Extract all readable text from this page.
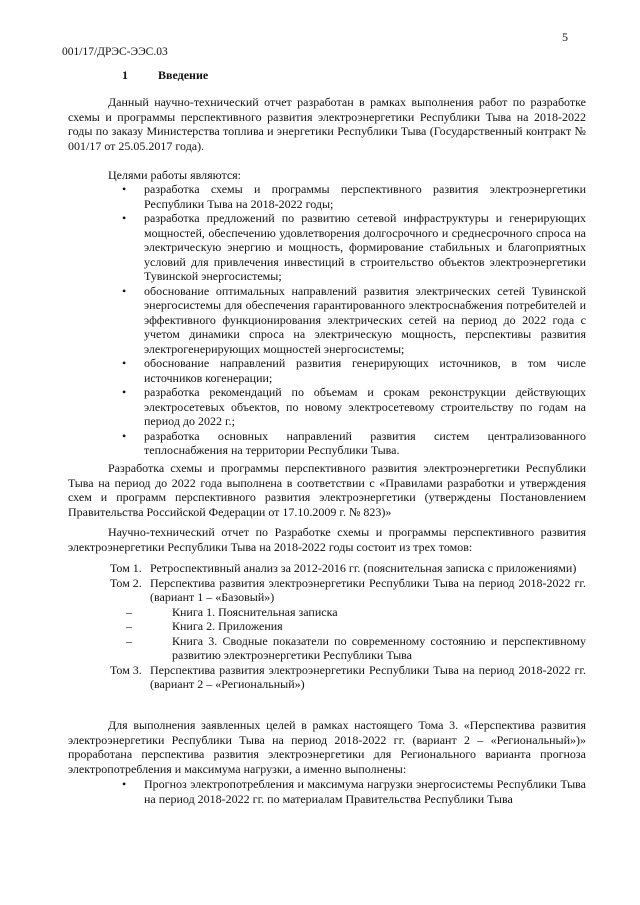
001/17/ДРЭС-ЭЭС.03
5
1	Введение

Данный научно-технический отчет разработан в рамках выполнения работ по разработке схемы и программы перспективного развития электроэнергетики Республики Тыва на 2018-2022 годы по заказу Министерства топлива и энергетики Республики Тыва (Государственный контракт № 001/17 от 25.05.2017 года).

Целями работы являются:
• разработка схемы и программы перспективного развития электроэнергетики Республики Тыва на 2018-2022 годы;
• разработка предложений по развитию сетевой инфраструктуры и генерирующих мощностей, обеспечению удовлетворения долгосрочного и среднесрочного спроса на электрическую энергию и мощность, формирование стабильных и благоприятных условий для привлечения инвестиций в строительство объектов электроэнергетики Тувинской энергосистемы;
• обоснование оптимальных направлений развития электрических сетей Тувинской энергосистемы для обеспечения гарантированного электроснабжения потребителей и эффективного функционирования электрических сетей на период до 2022 года с учетом динамики спроса на электрическую мощность, перспективы развития электрогенерирующих мощностей энергосистемы;
• обоснование направлений развития генерирующих источников, в том числе источников когенерации;
• разработка рекомендаций по объемам и срокам реконструкции действующих электросетевых объектов, по новому электросетевому строительству по годам на период до 2022 г.;
• разработка основных направлений развития систем централизованного теплоснабжения на территории Республики Тыва.

Разработка схемы и программы перспективного развития электроэнергетики Республики Тыва на период до 2022 года выполнена в соответствии с «Правилами разработки и утверждения схем и программ перспективного развития электроэнергетики (утверждены Постановлением Правительства Российской Федерации от 17.10.2009 г. № 823)»

Научно-технический отчет по Разработке схемы и программы перспективного развития электроэнергетики Республики Тыва на 2018-2022 годы состоит из трех томов:

Том 1. Ретроспективный анализ за 2012-2016 гг. (пояснительная записка с приложениями)
Том 2. Перспектива развития электроэнергетики Республики Тыва на период 2018-2022 гг. (вариант 1 – «Базовый»)
–	Книга 1. Пояснительная записка
–	Книга 2. Приложения
–	Книга 3. Сводные показатели по современному состоянию и перспективному развитию электроэнергетики Республики Тыва
Том 3. Перспектива развития электроэнергетики Республики Тыва на период 2018-2022 гг. (вариант 2 – «Региональный»)

Для выполнения заявленных целей в рамках настоящего Тома 3. «Перспектива развития электроэнергетики Республики Тыва на период 2018-2022 гг. (вариант 2 – «Региональный»)» проработана перспектива развития электроэнергетики для Регионального варианта прогноза электропотребления и максимума нагрузки, а именно выполнены:

• Прогноз электропотребления и максимума нагрузки энергосистемы Республики Тыва на период 2018-2022 гг. по материалам Правительства Республики Тыва
